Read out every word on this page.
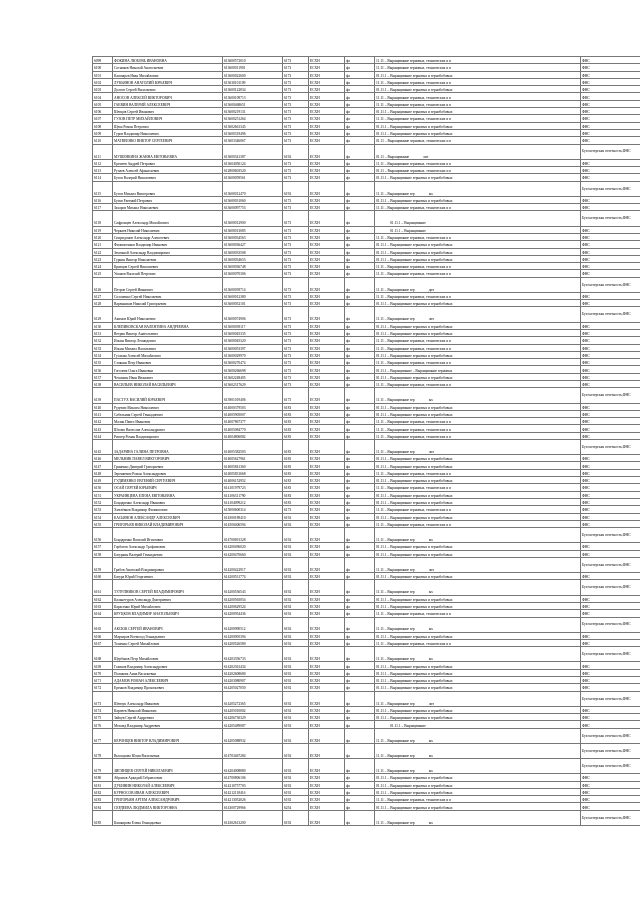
6099	ФОКИНА ЛЮБОВЬ ИВАНОВНА	613600572010	6173	ЕСХН	фл	11.11 – Выращивание зерновых, технических и п	ФНС
6100	Сотников Николай Анатольевич	613600011901	6173	ЕСХН	фл	11.11 – Выращивание зерновых, технических и п	ФНС
6101	Кашпаров Иван Михайлович	613600022600	6173	ЕСХН	фл	01.11.1 – Выращивание зерновых и зернобобовых	ФНС
6102	ЛУКЬЯНОВ АНАТОЛИЙ ЮРЬЕВИЧ	613630101109	6173	ЕСХН	фл	11.11 – Выращивание зерновых, технических и п	ФНС
6103	Долгов Сергей Васильевич	613600122834	6173	ЕСХН	фл	01.11.1 – Выращивание зерновых и зернобобовых	ФНС
6104	АНОСОВ АЛЕКСЕЙ ВИКТОРОВИЧ	613600109713	6173	ЕСХН	фл	11.11 – Выращивание зерновых, технических и п	ФНС
6105	ГАЕВИН ВАЛЕРИЙ АЛЕКСЕЕВИЧ	613600468651	6173	ЕСХН	фл	11.11 – Выращивание зерновых, технических и п	ФНС
6106	Шевцов Сергей Иванович	613600219131	6173	ЕСХН	фл	01.11.1 – Выращивание зерновых и зернобобовых	ФНС
6107	ГУЗОВ ПЕТР МИХАЙЛОВИЧ	613600251264	6173	ЕСХН	фл	11.11 – Выращивание зерновых, технических и п	ФНС
6108	Щека Роман Петрович	613602661345	6173	ЕСХН	фл	01.11.1 – Выращивание зерновых и зернобобовых	ФНС
6109	Гуров Владимир Николаевич	613600319496	6173	ЕСХН	фл	01.11.1 – Выращивание зерновых и зернобобовых	ФНС
6110	МАТВЕЕНКО ВИКТОР СЕРГЕЕВИЧ	613603346067	6173	ЕСХН	фл	01.11 – Выращивание зерновых, технических и п	ФНС
6111	МУШЕНКИНА ЖАННА ЕВГЕНЬЕВНА	613600341387	6192	ЕСХН	фл	01.11 – Выращивание лит	Бухгалтерская отчетность,ФНС
6112	Еремеев Андрей Петрович	613604050124	6173	ЕСХН	фл	11.11 – Выращивание зерновых, технических и п	ФНС
6113	Ручаев Алексей Афанасьевич	612800603520	6173	ЕСХН	фл	01.11 – Выращивание зерновых, технических и п	ФНС
6114	Бутов Валерий Николаевич	613600059561	6173	ЕСХН	фл	01.11.1 – Выращивание зерновых и зернобобовых	ФНС
6115	Бутов Михаил Викторович	613600012470	6192	ЕСХН	фл	11.11 – Выращивание зер ых	Бухгалтерская отчетность,ФНС
6116	Буткв Евгений Петрович	613600031060	6173	ЕСХН	фл	01.11.1 – Выращивание зерновых и зернобобовых	ФНС
6117	Захаров Михаил Николаевич	613600097753	6173	ЕСХН	фл	11.11 – Выращивание зерновых, технических и п	ФНС
6118	Сафронцев Александр Михайлович	613600012900	6173	ЕСХН	фл	01.11.1 – Выращивание	Бухгалтерская отчетность,ФНС
6119	Черкаев Николай Николаевич	613600013085	6173	ЕСХН	фл	01.11.1 – Выращивание	ФНС
6120	Спиридонов Александр Алексеевич	613600034563	6173	ЕСХН	фл	11.11 – Выращивание зерновых, технических и п	ФНС
6121	Филиппенков Владимир Иванович	613600036427	6173	ЕСХН	фл	01.11.1 – Выращивание зерновых и зернобобовых	ФНС
6122	Земляной Александр Владимирович	613600033508	6173	ЕСХН	фл	01.11.1 – Выращивание зерновых и зернобобовых	ФНС
6123	Гуркин Виктор Николаевич	613600034653	6173	ЕСХН	фл	01.11.1 – Выращивание зерновых и зернобобовых	ФНС
6124	Кривцов Сергей Николаевич	613600036748	6173	ЕСХН	фл	11.11 – Выращивание зерновых, технических и п	ФНС
6125	Ушаков Василий Петрович	613600070306	6173	ЕСХН	фл	11.11 – Выращивание зерновых, технических и п	ФНС
6126	Петров Сергей Иванович	613600039714	6173	ЕСХН	фл	11.11 – Выращивание зер дит	Бухгалтерская отчетность,ФНС
6127	Солоненко Сергей Николаевич	613600012380	6173	ЕСХН	фл	11.11 – Выращивание зерновых, технических и п	ФНС
6128	Варенников Николай Григорьевич	613600052101	6173	ЕСХН	фл	01.11.1 – Выращивание зерновых и зернобобовых	ФНС
6129	Акимов Юрий Николаевич	613600074906	6173	ЕСХН	фл	11.11 – Выращивание зер лит	Бухгалтерская отчетность,ФНС
6130	КЛЕПИКОВСКАЯ ВАЛЕНТИНА АНДРЕЕВНА	613600039117	6173	ЕСХН	фл	01.11.1 – Выращивание зерновых и зернобобовых	ФНС
6131	Ветрик Виктор Анатольевич	613600045335	6173	ЕСХН	фл	01.11.1 – Выращивание зерновых и зернобобовых	ФНС
6132	Ильин Виктор Леонидович	613600045320	6173	ЕСХН	фл	11.11 – Выращивание зерновых, технических и п	ФНС
6133	Ильин Михаил Васильевич	613600053397	6173	ЕСХН	фл	11.11 – Выращивание зерновых, технических и п	ФНС
6134	Гусакин Алексей Михайлович	613600029970	6173	ЕСХН	фл	01.11.1 – Выращивание зерновых и зернобобовых	ФНС
6135	Стоякин Петр Иванович	613600270474	6173	ЕСХН	фл	11.11 – Выращивание зерновых, технических и п	ФНС
6136	Гоголева Ольга Ивановна	613600266698	6173	ЕСХН	фл	01.11.1 – Выращивание – Выращивание зерновых	ФНС
6137	Чешихин Иван Иванович	613602248405	6173	ЕСХН	фл	01.11.1 – Выращивание зерновых и зернобобовых	ФНС
6138	ВАСИЛЬЕВ НИКОЛАЙ ВАСИЛЬЕВИЧ	613602317629	6173	ЕСХН	фл	11.11 – Выращивание зерновых, технических и п	ФНС
6139	ПАСТУХ ВАСИЛИЙ ЮРЬЕВИЧ	613901019406	6173	ЕСХН	фл	11.11 – Выращивание зер ых	Бухгалтерская отчетность,ФНС
6140	Рудевич Максим Николаевич	614000379503	6183	ЕСХН	фл	01.11.1 – Выращивание зерновых и зернобобовых	ФНС
6141	Сабельник Сергей Геннадиевич	614005905007	6183	ЕСХН	фл	01.11.1 – Выращивание зерновых и зернобобовых	ФНС
6142	Малик Павел Иванович	614007867377	6183	ЕСХН	фл	11.11 – Выращивание зерновых, технических и п	ФНС
6143	Штомп Вячеслав Александрович	614005084770	6183	ЕСХН	фл	11.11 – Выращивание зерновых, технических и п	ФНС
6144	Рипгер Роман Владимирович	614004806082	6183	ЕСХН	фл	11.11 – Выращивание зерновых, технических и п	ФНС
6145	ЗАДАРИНА ГАЛИНА ПЕТРОВНА	614005382503	6183	ЕСХН	фл	11.11 – Выращивание зер лит	Бухгалтерская отчетность,ФНС
6146	МЕЛЬНИК ПАВЕЛ ВИКТОРОВИЧ	614005627961	6183	ЕСХН	фл	01.11.1 – Выращивание зерновых и зернобобовых	ФНС
6147	Гриненко Дмитрий Григорьевич	614005841360	6183	ЕСХН	фл	01.11.1 – Выращивание зерновых и зернобобовых	ФНС
6148	Зеренкевич Роман Александрович	614005831668	6183	ЕСХН	фл	11.11 – Выращивание зерновых, технических и п	ФНС
6149	ГУДИМЕНКО ЕВГЕНИЙ СЕРГЕЕВИЧ	614006152952	6183	ЕСХН	фл	01.11.1 – Выращивание зерновых и зернобобовых	ФНС
6150	ОСАЙ СЕРГЕЙ ЮРЬЕВИЧ	614101979723	6183	ЕСХН	фл	11.11 – Выращивание зерновых, технических и п	ФНС
6151	УКРАИНЦЕВА ЕЛЕНА ЕВГЕНЬЕВНА	614106311790	6183	ЕСХН	фл	01.11.1 – Выращивание зерновых и зернобобовых	ФНС
6152	Бондаренко Александр Иванович	614104099212	6183	ЕСХН	фл	01.11.1 – Выращивание зерновых и зернобобовых	ФНС
6153	Хмелёвков Владимир Филиппович	615000600314	6173	ЕСХН	фл	11.11 – Выращивание зерновых, технических и п	ФНС
6154	КАСЬЯНОВ АЛЕКСАНДР АЛЕКСЕЕВИЧ	614500189410	6192	ЕСХН	фл	01.11.1 – Выращивание зерновых и зернобобовых	ФНС
6155	ГРИГОРЬЕВ НИКОЛАЙ ВЛАДИМИРОВИЧ	614500406594	6192	ЕСХН	фл	11.11 – Выращивание зерновых, технических и п	ФНС
6156	Бондаренко Василий Игнатович	614700691328	6192	ЕСХН	фл	11.11 – Выращивание зер ых	Бухгалтерская отчетность,ФНС
6157	Горбатов Александр Трофимович	614200496020	6192	ЕСХН	фл	01.11.1 – Выращивание зерновых и зернобобовых	ФНС
6158	Батуркин Валерий Геннадьевич	614200470660	6192	ЕСХН	фл	01.11.1 – Выращивание зерновых и зернобобовых	ФНС
6159	Грабов Анатолий Владимирович	614200422917	6192	ЕСХН	фл	11.11 – Выращивание зер лит	Бухгалтерская отчетность,ФНС
6160	Батура Юрий Георгиевич	614200531774	6192	ЕСХН	фл	01.11.1 – Выращивание зерновых и зернобобовых	ФНС
6161	ТУЛУПНИКОВ СЕРГЕЙ ВЛАДИМИРОВИЧ	614200536543	6192	ЕСХН	фл	11.11 – Выращивание зер ых	Бухгалтерская отчетность,ФНС
6162	Кальнетуров Александр Дмитриевич	614200565054	6192	ЕСХН	фл	01.11.1 – Выращивание зерновых и зернобобовых	ФНС
6163	Карасенко Юрий Михайлович	614200629524	6192	ЕСХН	фл	01.11.1 – Выращивание зерновых и зернобобовых	ФНС
6164	КРУЦКОВ ВЛАДИМИР АНАТОЛЬЕВИЧ	614200954436	6192	ЕСХН	фл	11.11 – Выращивание зерновых, технических и п	ФНС
6165	АКСЮК СЕРГЕЙ ИВАНОВИЧ	614200990512	6192	ЕСХН	фл	11.11 – Выращивание зер ых	Бухгалтерская отчетность,ФНС
6166	Мартиров Всеволод Геннадьевич	614200905394	6192	ЕСХН	фл	01.11.1 – Выращивание зерновых и зернобобовых	ФНС
6167	Тошенко Сергей Михайлович	614200526580	6192	ЕСХН	фл	11.11 – Выращивание зерновых, технических и п	ФНС
6168	Щербаков Петр Михайлович	614203356733	6192	ЕСХН	фл	11.11 – Выращивание зер ых	Бухгалтерская отчетность,ФНС
6169	Голиков Владимир Александрович	614202361434	6192	ЕСХН	фл	01.11.1 – Выращивание зерновых и зернобобовых	ФНС
6170	Полякова Анна Васильевна	614202608680	6192	ЕСХН	фл	01.11.1 – Выращивание зерновых и зернобобовых	ФНС
6171	АДАМОВ РОМАН АЛЕКСЕЕВИЧ	614203080907	6192	ЕСХН	фл	01.11.1 – Выращивание зерновых и зернобобовых	ФНС
6172	Еренков Владимир Прокопьевич	614205027050	6192	ЕСХН	фл	01.11.1 – Выращивание зерновых и зернобобовых	ФНС
6173	Шевчук Александр Иванович	614205272365	6192	ЕСХН	фл	11.11 – Выращивание зер лит	Бухгалтерская отчетность,ФНС
6174	Карпеев Николай Иванович	614205010002	6192	ЕСХН	фл	01.11.1 – Выращивание зерновых и зернобобовых	ФНС
6175	Зайцев Сергей Андреевич	614206730329	6192	ЕСХН	фл	01.11.1 – Выращивание зерновых и зернобобовых	ФНС
6176	Мехмед Владимир Андреевич	614205489087	6192	ЕСХН	фл	01.11.1 – Выращивание	ФНС
6177	КЕРОНЦЕВ ВИКТОР ВЛАДИМИРОВИЧ	614205088932	6192	ЕСХН	фл	11.11 – Выращивание зер ых	Бухгалтерская отчетность,ФНС
6178	Высоцкова Юлия Васильевна	614703467284	6192	ЕСХН	фл	11.11 – Выращивание зер ых	Бухгалтерская отчетность,ФНС
6179	ЗИГИНЦЕВ СЕРГЕЙ НИКОЛАЕВИЧ	614204008880	6192	ЕСХН	фл	11.11 – Выращивание зер ых	Бухгалтерская отчетность,ФНС
6180	Абрамов Аркадий Габриелович	614700806106	6192	ЕСХН	фл	01.11.1 – Выращивание зерновых и зернобобовых	ФНС
6181	ДУБИНИН НИКОЛАЙ АЛЕКСЕЕВИЧ	614210757703	6192	ЕСХН	фл	01.11.1 – Выращивание зерновых и зернобобовых	ФНС
6182	КУРНОСОВ ИВАН АЛЕКСЕЕВИЧ	614212118416	6192	ЕСХН	фл	01.11.1 – Выращивание зерновых и зернобобовых	ФНС
6183	ГРИГОРЬЯН АРТЕМ АЛЕКСАНДРОВИЧ	614213052026	6192	ЕСХН	фл	11.11 – Выращивание зерновых, технических и п	ФНС
6184	СЕРДЕЕВА ЛЮДМИЛА ВИКТОРОВНА	614300729966	6254	ЕСХН	фл	01.11.1 – Выращивание зерновых и зернобобовых	ФНС
6185	Кашкарова Елена Геннадьевна	614302613200	6192	ЕСХН	фл	11.11 – Выращивание зер ых	Бухгалтерская отчетность,ФНС
